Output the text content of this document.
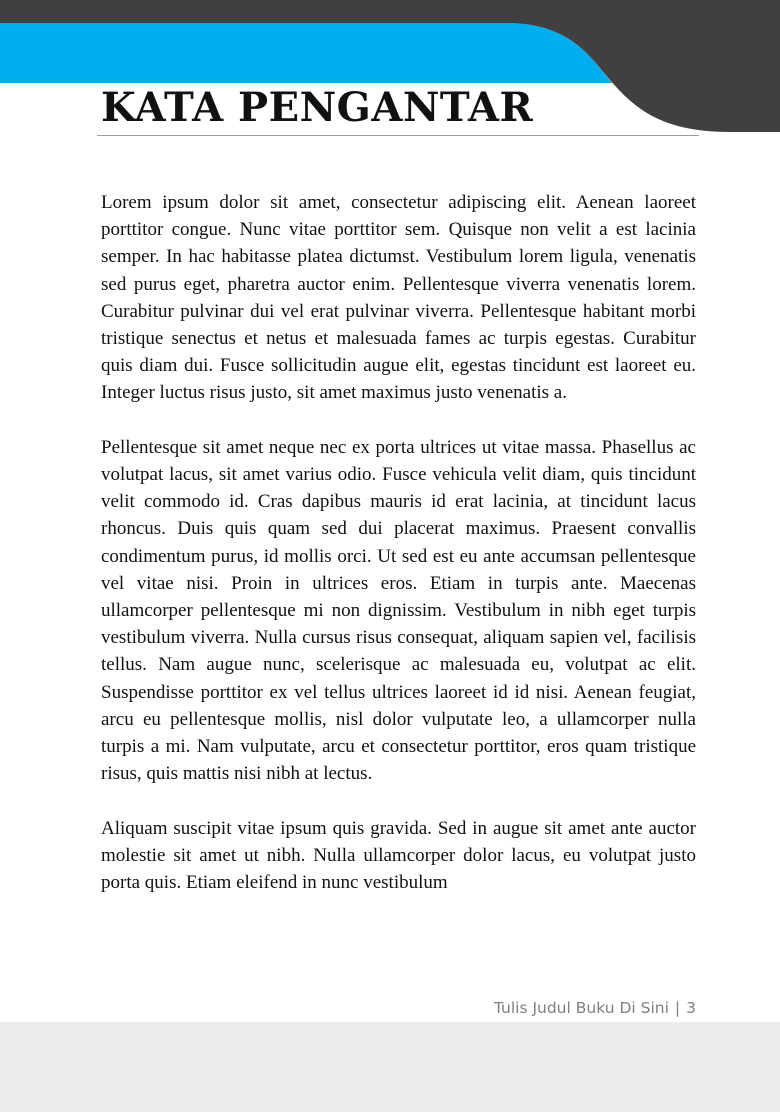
KATA PENGANTAR

Lorem ipsum dolor sit amet, consectetur adipiscing elit. Aenean laoreet porttitor congue. Nunc vitae porttitor sem. Quisque non velit a est lacinia semper. In hac habitasse platea dictumst. Vestibulum lorem ligula, venenatis sed purus eget, pharetra auctor enim. Pellentesque viverra venenatis lorem. Curabitur pulvinar dui vel erat pulvinar viverra. Pellentesque habitant morbi tristique senectus et netus et malesuada fames ac turpis egestas. Curabitur quis diam dui. Fusce sollicitudin augue elit, egestas tincidunt est laoreet eu. Integer luctus risus justo, sit amet maximus justo venenatis a.

Pellentesque sit amet neque nec ex porta ultrices ut vitae massa. Phasellus ac volutpat lacus, sit amet varius odio. Fusce vehicula velit diam, quis tincidunt velit commodo id. Cras dapibus mauris id erat lacinia, at tincidunt lacus rhoncus. Duis quis quam sed dui placerat maximus. Praesent convallis condimentum purus, id mollis orci. Ut sed est eu ante accumsan pellentesque vel vitae nisi. Proin in ultrices eros. Etiam in turpis ante. Maecenas ullamcorper pellentesque mi non dignissim. Vestibulum in nibh eget turpis vestibulum viverra. Nulla cursus risus consequat, aliquam sapien vel, facilisis tellus. Nam augue nunc, scelerisque ac malesuada eu, volutpat ac elit. Suspendisse porttitor ex vel tellus ultrices laoreet id id nisi. Aenean feugiat, arcu eu pellentesque mollis, nisl dolor vulputate leo, a ullamcorper nulla turpis a mi. Nam vulputate, arcu et consectetur porttitor, eros quam tristique risus, quis mattis nisi nibh at lectus.

Aliquam suscipit vitae ipsum quis gravida. Sed in augue sit amet ante auctor molestie sit amet ut nibh. Nulla ullamcorper dolor lacus, eu volutpat justo porta quis. Etiam eleifend in nunc vestibulum

Tulis Judul Buku Di Sini | 3
